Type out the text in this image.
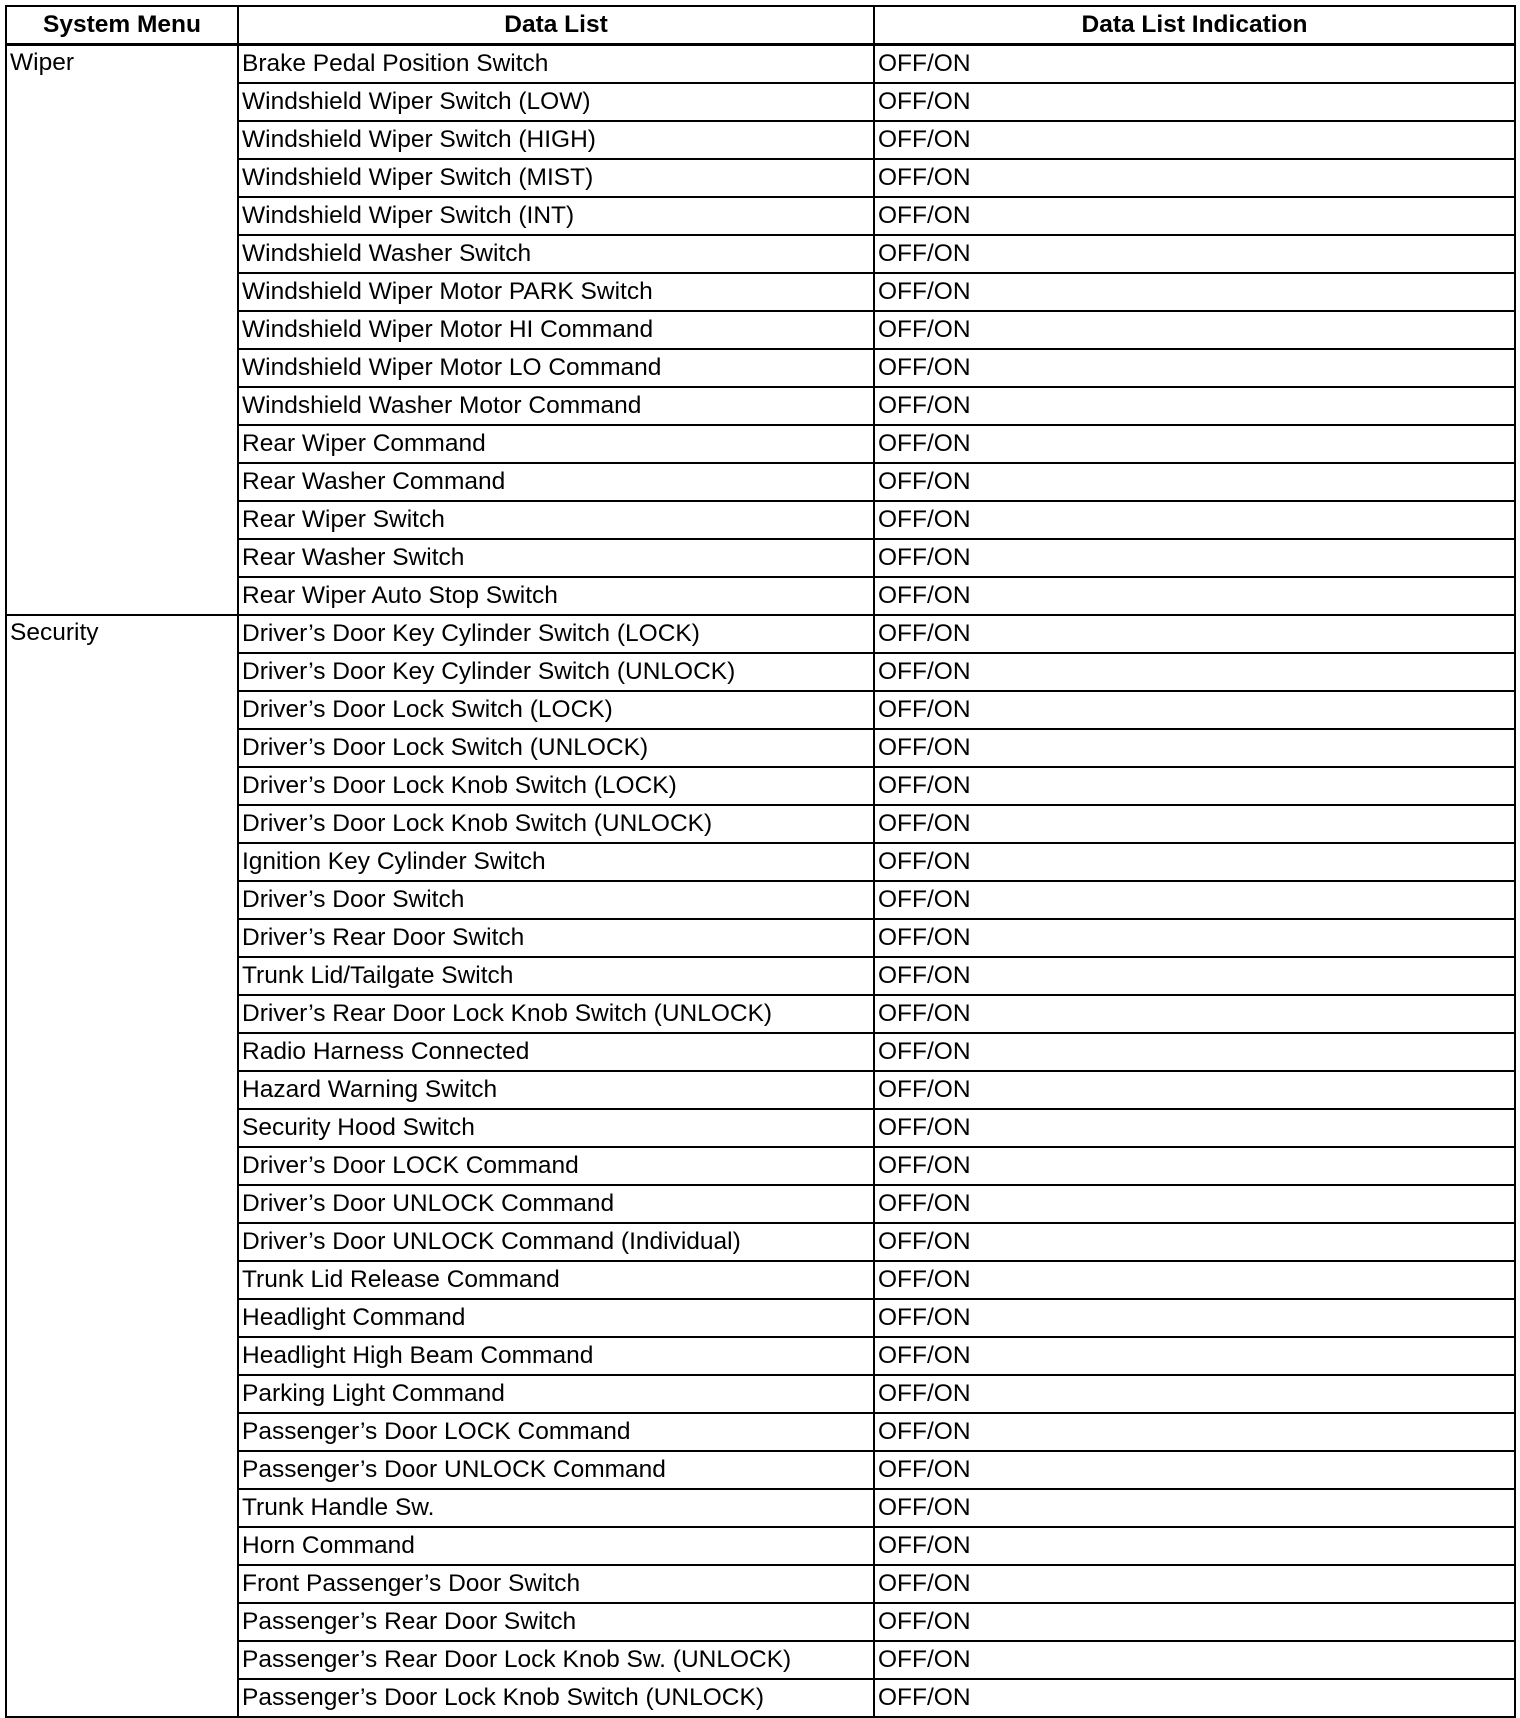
System Menu	Data List	Data List Indication

Wiper	Brake Pedal Position Switch	OFF/ON
	Windshield Wiper Switch (LOW)	OFF/ON
	Windshield Wiper Switch (HIGH)	OFF/ON
	Windshield Wiper Switch (MIST)	OFF/ON
	Windshield Wiper Switch (INT)	OFF/ON
	Windshield Washer Switch	OFF/ON
	Windshield Wiper Motor PARK Switch	OFF/ON
	Windshield Wiper Motor HI Command	OFF/ON
	Windshield Wiper Motor LO Command	OFF/ON
	Windshield Washer Motor Command	OFF/ON
	Rear Wiper Command	OFF/ON
	Rear Washer Command	OFF/ON
	Rear Wiper Switch	OFF/ON
	Rear Washer Switch	OFF/ON
	Rear Wiper Auto Stop Switch	OFF/ON

Security	Driver’s Door Key Cylinder Switch (LOCK)	OFF/ON
	Driver’s Door Key Cylinder Switch (UNLOCK)	OFF/ON
	Driver’s Door Lock Switch (LOCK)	OFF/ON
	Driver’s Door Lock Switch (UNLOCK)	OFF/ON
	Driver’s Door Lock Knob Switch (LOCK)	OFF/ON
	Driver’s Door Lock Knob Switch (UNLOCK)	OFF/ON
	Ignition Key Cylinder Switch	OFF/ON
	Driver’s Door Switch	OFF/ON
	Driver’s Rear Door Switch	OFF/ON
	Trunk Lid/Tailgate Switch	OFF/ON
	Driver’s Rear Door Lock Knob Switch (UNLOCK)	OFF/ON
	Radio Harness Connected	OFF/ON
	Hazard Warning Switch	OFF/ON
	Security Hood Switch	OFF/ON
	Driver’s Door LOCK Command	OFF/ON
	Driver’s Door UNLOCK Command	OFF/ON
	Driver’s Door UNLOCK Command (Individual)	OFF/ON
	Trunk Lid Release Command	OFF/ON
	Headlight Command	OFF/ON
	Headlight High Beam Command	OFF/ON
	Parking Light Command	OFF/ON
	Passenger’s Door LOCK Command	OFF/ON
	Passenger’s Door UNLOCK Command	OFF/ON
	Trunk Handle Sw.	OFF/ON
	Horn Command	OFF/ON
	Front Passenger’s Door Switch	OFF/ON
	Passenger’s Rear Door Switch	OFF/ON
	Passenger’s Rear Door Lock Knob Sw. (UNLOCK)	OFF/ON
	Passenger’s Door Lock Knob Switch (UNLOCK)	OFF/ON
